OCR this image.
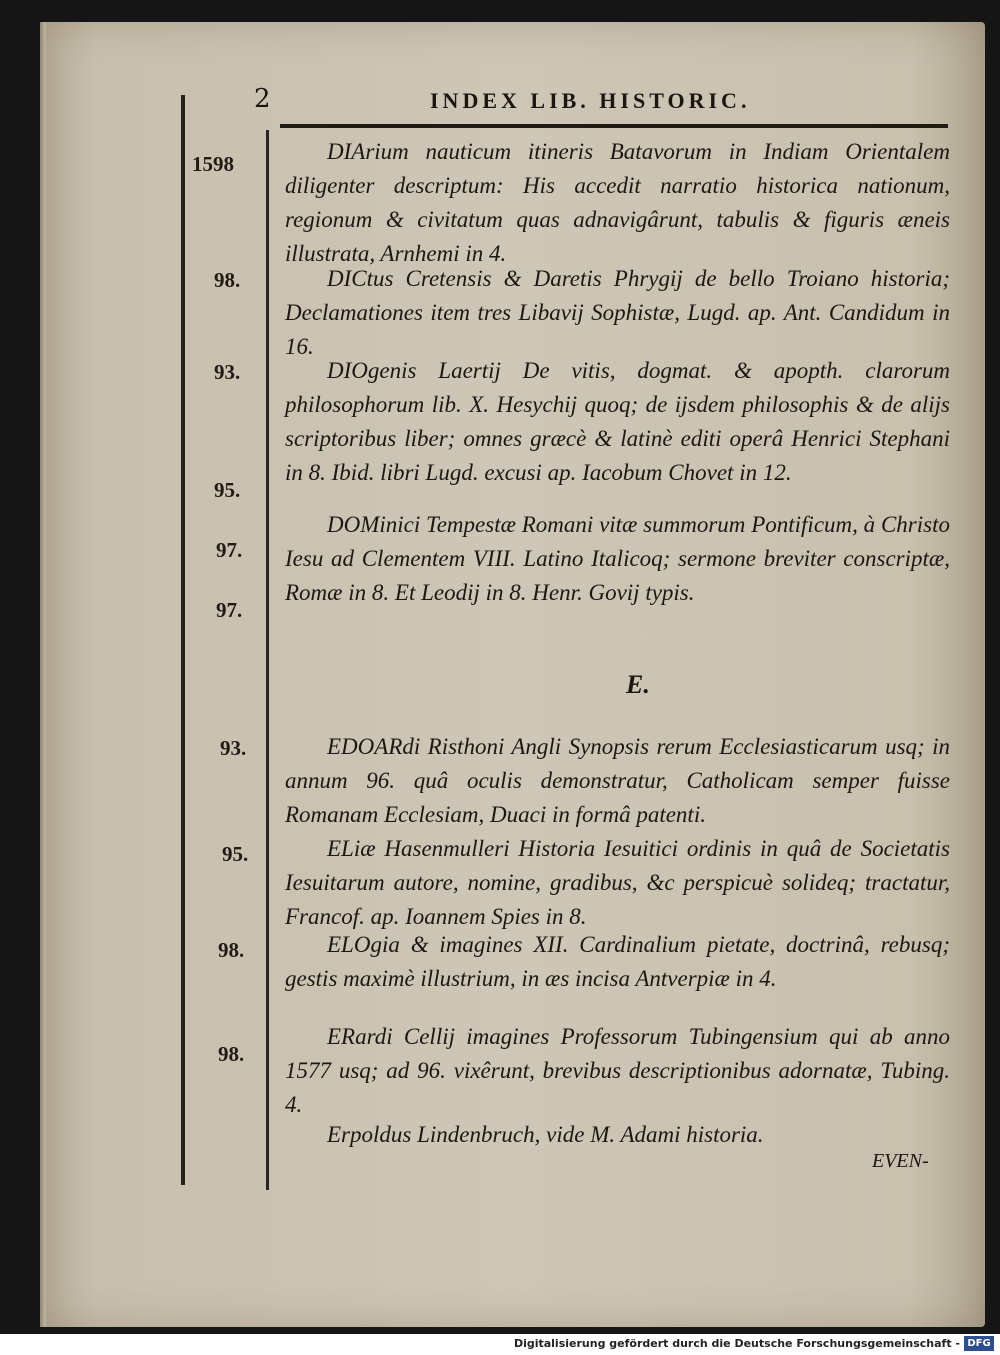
2	INDEX LIB. HISTORIC.
1598
98.
93.
95.
97.
97.
93.
95.
98.
98.
DIArium nauticum itineris Batavorum in Indiam Orientalem diligenter descriptum: His accedit narratio historica nationum, regionum & civitatum quas adnavigârunt, tabulis & figuris æneis illustrata, Arnhemi in 4.
DICtus Cretensis & Daretis Phrygij de bello Troiano historia; Declamationes item tres Libavij Sophistæ, Lugd. ap. Ant. Candidum in 16.
DIOgenis Laertij De vitis, dogmat. & apopth. clarorum philosophorum lib. X. Hesychij quoq; de ijsdem philosophis & de alijs scriptoribus liber; omnes græcè & latinè editi operâ Henrici Stephani in 8. Ibid. libri Lugd. excusi ap. Iacobum Chovet in 12.
DOMinici Tempestæ Romani vitæ summorum Pontificum, à Christo Iesu ad Clementem VIII. Latino Italicoq; sermone breviter conscriptæ, Romæ in 8. Et Leodij in 8. Henr. Govij typis.
E.
EDOARdi Risthoni Angli Synopsis rerum Ecclesiasticarum usq; in annum 96. quâ oculis demonstratur, Catholicam semper fuisse Romanam Ecclesiam, Duaci in formâ patenti.
ELiæ Hasenmulleri Historia Iesuitici ordinis in quâ de Societatis Iesuitarum autore, nomine, gradibus, &c perspicuè solideq; tractatur, Francof. ap. Ioannem Spies in 8.
ELOgia & imagines XII. Cardinalium pietate, doctrinâ, rebusq; gestis maximè illustrium, in æs incisa Antverpiæ in 4.
ERardi Cellij imagines Professorum Tubingensium qui ab anno 1577 usq; ad 96. vixêrunt, brevibus descriptionibus adornatæ, Tubing. 4.
Erpoldus Lindenbruch, vide M. Adami historia.
EVEN-
Digitalisierung gefördert durch die Deutsche Forschungsgemeinschaft - DFG
